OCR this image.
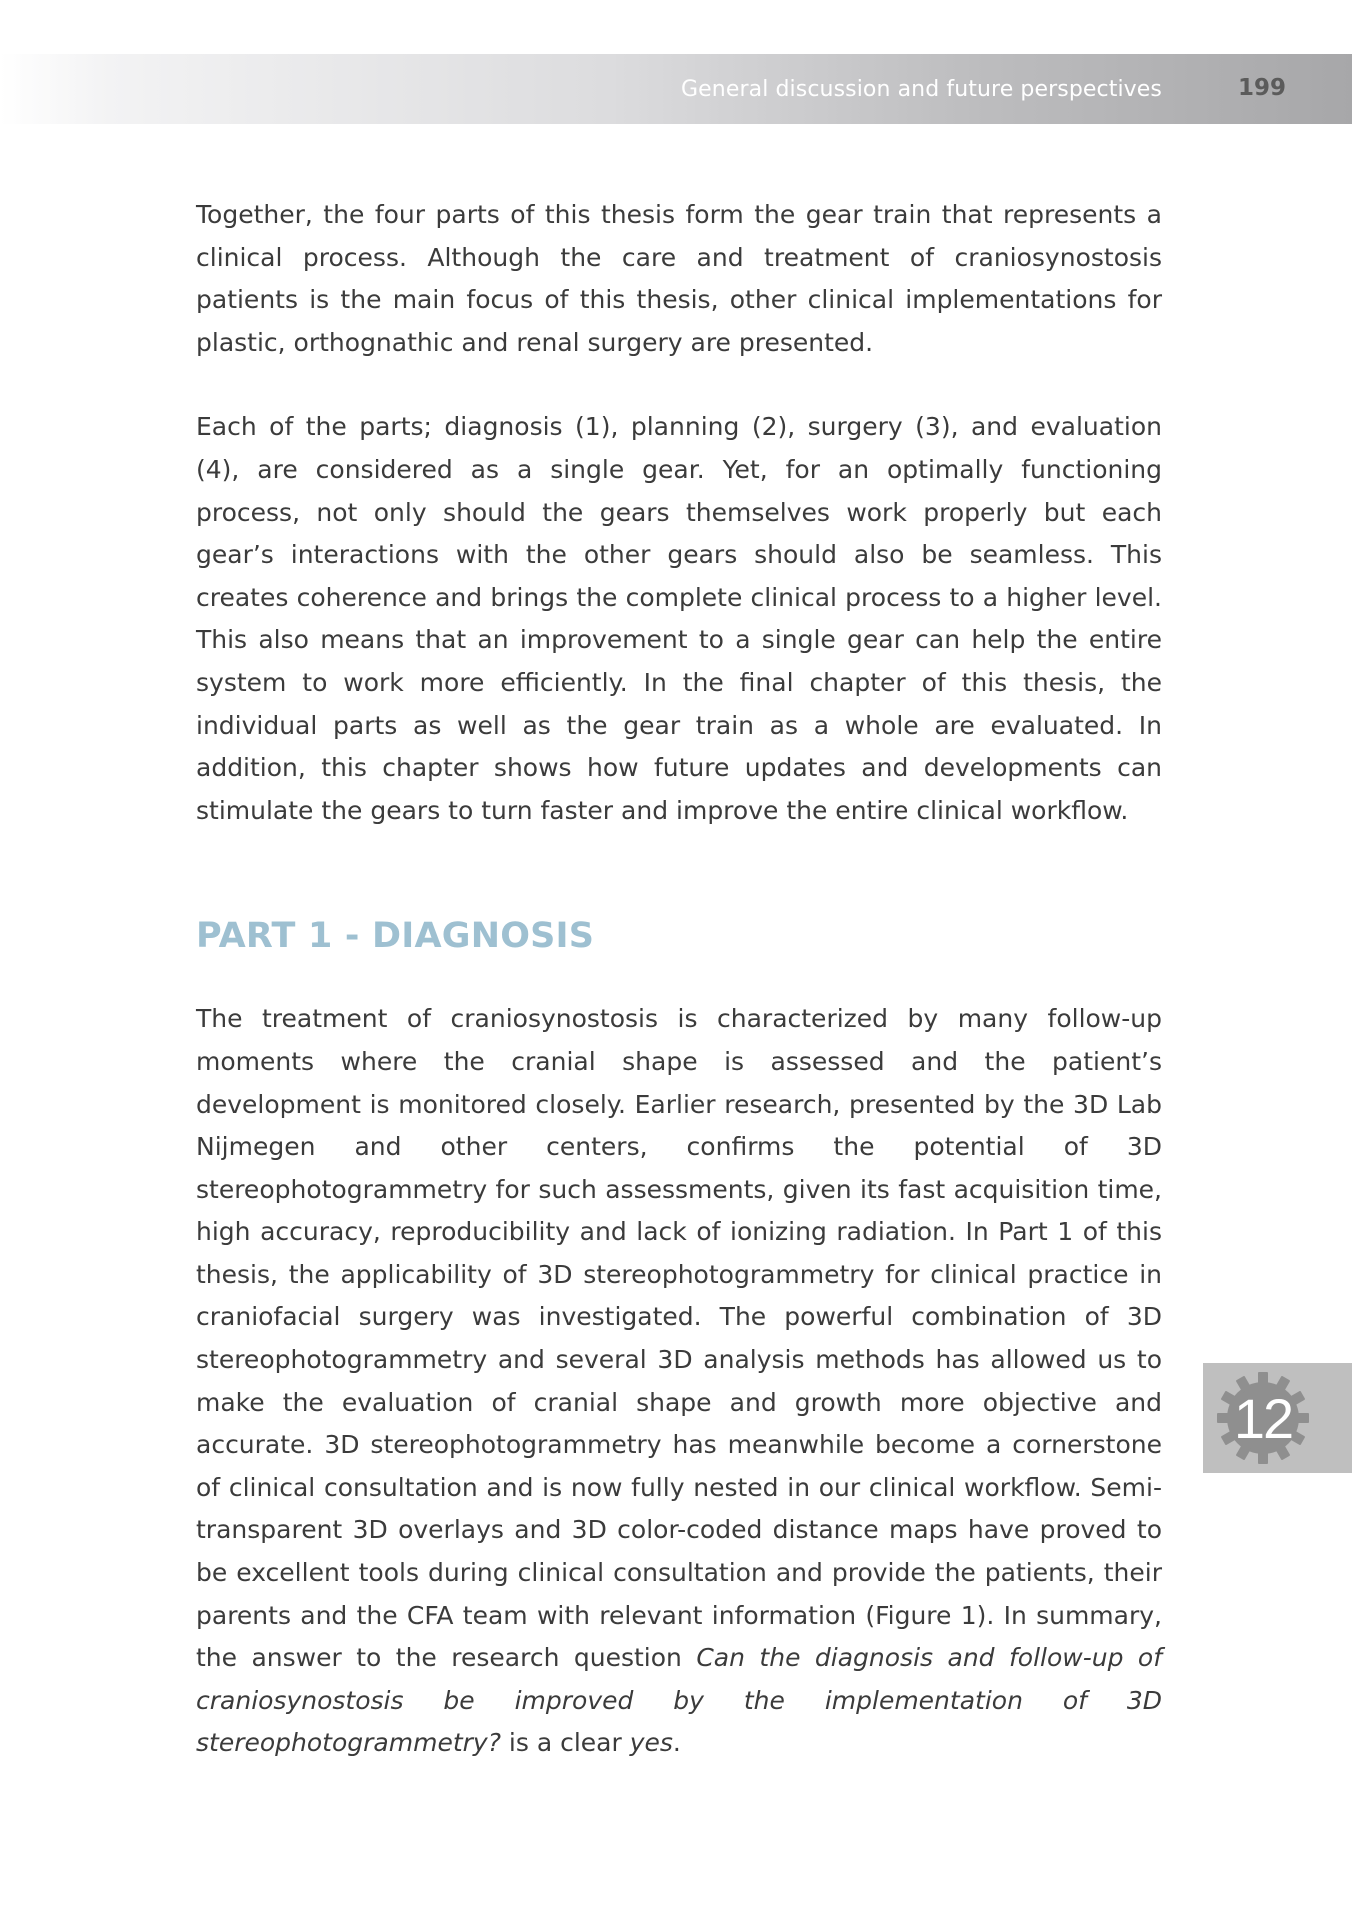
General discussion and future perspectives	199

Together, the four parts of this thesis form the gear train that represents a clinical process. Although the care and treatment of craniosynostosis patients is the main focus of this thesis, other clinical implementations for plastic, orthognathic and renal surgery are presented.

Each of the parts; diagnosis (1), planning (2), surgery (3), and evaluation (4), are considered as a single gear. Yet, for an optimally functioning process, not only should the gears themselves work properly but each gear’s interactions with the other gears should also be seamless. This creates coherence and brings the complete clinical process to a higher level. This also means that an improvement to a single gear can help the entire system to work more efficiently. In the final chapter of this thesis, the individual parts as well as the gear train as a whole are evaluated. In addition, this chapter shows how future updates and developments can stimulate the gears to turn faster and improve the entire clinical workflow.

PART 1 - DIAGNOSIS

The treatment of craniosynostosis is characterized by many follow-up moments where the cranial shape is assessed and the patient’s development is monitored closely. Earlier research, presented by the 3D Lab Nijmegen and other centers, confirms the potential of 3D stereophotogrammetry for such assessments, given its fast acquisition time, high accuracy, reproducibility and lack of ionizing radiation. In Part 1 of this thesis, the applicability of 3D stereophotogrammetry for clinical practice in craniofacial surgery was investigated. The powerful combination of 3D stereophotogrammetry and several 3D analysis methods has allowed us to make the evaluation of cranial shape and growth more objective and accurate. 3D stereophotogrammetry has meanwhile become a cornerstone of clinical consultation and is now fully nested in our clinical workflow. Semi-transparent 3D overlays and 3D color-coded distance maps have proved to be excellent tools during clinical consultation and provide the patients, their parents and the CFA team with relevant information (Figure 1). In summary, the answer to the research question Can the diagnosis and follow-up of craniosynostosis be improved by the implementation of 3D stereophotogrammetry? is a clear yes.

12
